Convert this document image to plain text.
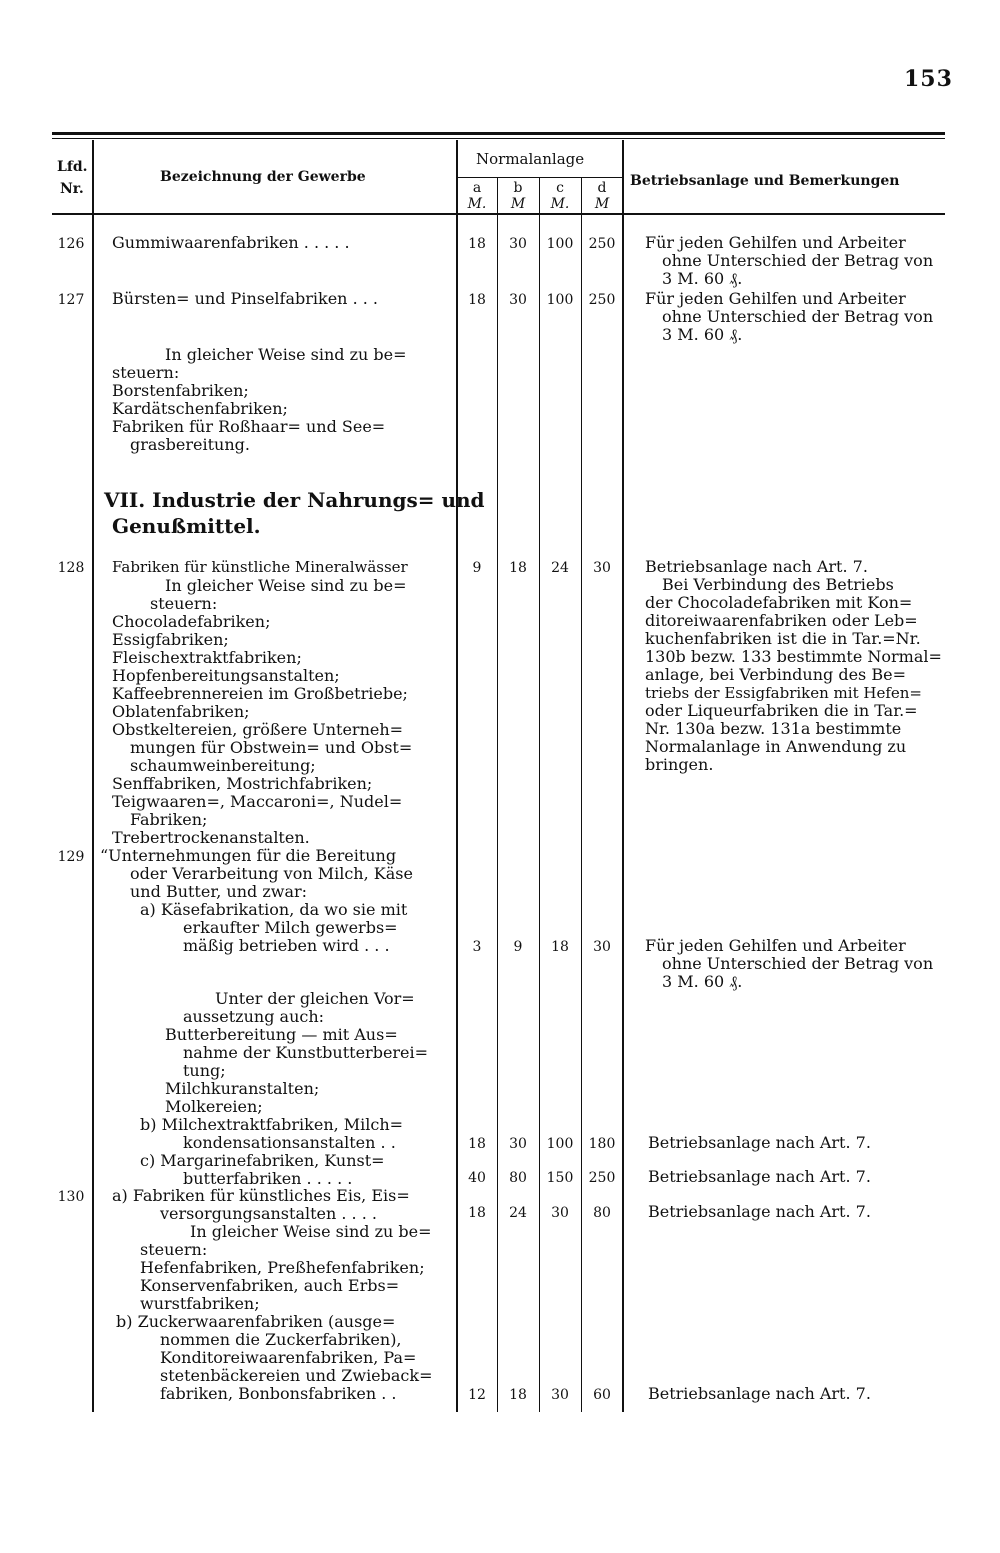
153
Lfd.
Nr.
Bezeichnung der Gewerbe
Normalanlage
a	b	c	d
M.	M	M.	M
Betriebsanlage und Bemerkungen
126	Gummiwaarenfabriken . . . . .	18	30	100	250	Für jeden Gehilfen und Arbeiter
ohne Unterschied der Betrag von
3 M. 60 ₰.
127	Bürsten= und Pinselfabriken . . .	18	30	100	250	Für jeden Gehilfen und Arbeiter
ohne Unterschied der Betrag von
3 M. 60 ₰.
In gleicher Weise sind zu be=
steuern:
Borstenfabriken;
Kardätschenfabriken;
Fabriken für Roßhaar= und See=
grasbereitung.
VII. Industrie der Nahrungs= und
Genußmittel.
128	Fabriken für künstliche Mineralwässer	9	18	24	30
In gleicher Weise sind zu be=
steuern:
Chocoladefabriken;
Essigfabriken;
Fleischextraktfabriken;
Hopfenbereitungsanstalten;
Kaffeebrennereien im Großbetriebe;
Oblatenfabriken;
Obstkeltereien, größere Unterneh=
mungen für Obstwein= und Obst=
schaumweinbereitung;
Senffabriken, Mostrichfabriken;
Teigwaaren=, Maccaroni=, Nudel=
Fabriken;
Trebertrockenanstalten.
Betriebsanlage nach Art. 7.
Bei Verbindung des Betriebs
der Chocoladefabriken mit Kon=
ditoreiwaarenfabriken oder Leb=
kuchenfabriken ist die in Tar.=Nr.
130b bezw. 133 bestimmte Normal=
anlage, bei Verbindung des Be=
triebs der Essigfabriken mit Hefen=
oder Liqueurfabriken die in Tar.=
Nr. 130a bezw. 131a bestimmte
Normalanlage in Anwendung zu
bringen.
129 “Unternehmungen für die Bereitung
oder Verarbeitung von Milch, Käse
und Butter, und zwar:
a) Käsefabrikation, da wo sie mit
erkaufter Milch gewerbs=
mäßig betrieben wird . . .	3	9	18	30	Für jeden Gehilfen und Arbeiter
ohne Unterschied der Betrag von
3 M. 60 ₰.
Unter der gleichen Vor=
aussetzung auch:
Butterbereitung — mit Aus=
nahme der Kunstbutterberei=
tung;
Milchkuranstalten;
Molkereien;
b) Milchextraktfabriken, Milch=
kondensationsanstalten . .	18	30	100	180	Betriebsanlage nach Art. 7.
c) Margarinefabriken, Kunst=
butterfabriken . . . . .	40	80	150	250	Betriebsanlage nach Art. 7.
130	a) Fabriken für künstliches Eis, Eis=
versorgungsanstalten . . . .	18	24	30	80	Betriebsanlage nach Art. 7.
In gleicher Weise sind zu be=
steuern:
Hefenfabriken, Preßhefenfabriken;
Konservenfabriken, auch Erbs=
wurstfabriken;
b) Zuckerwaarenfabriken (ausge=
nommen die Zuckerfabriken),
Konditoreiwaarenfabriken, Pa=
stetenbäckereien und Zwieback=
fabriken, Bonbonsfabriken . .	12	18	30	60	Betriebsanlage nach Art. 7.
